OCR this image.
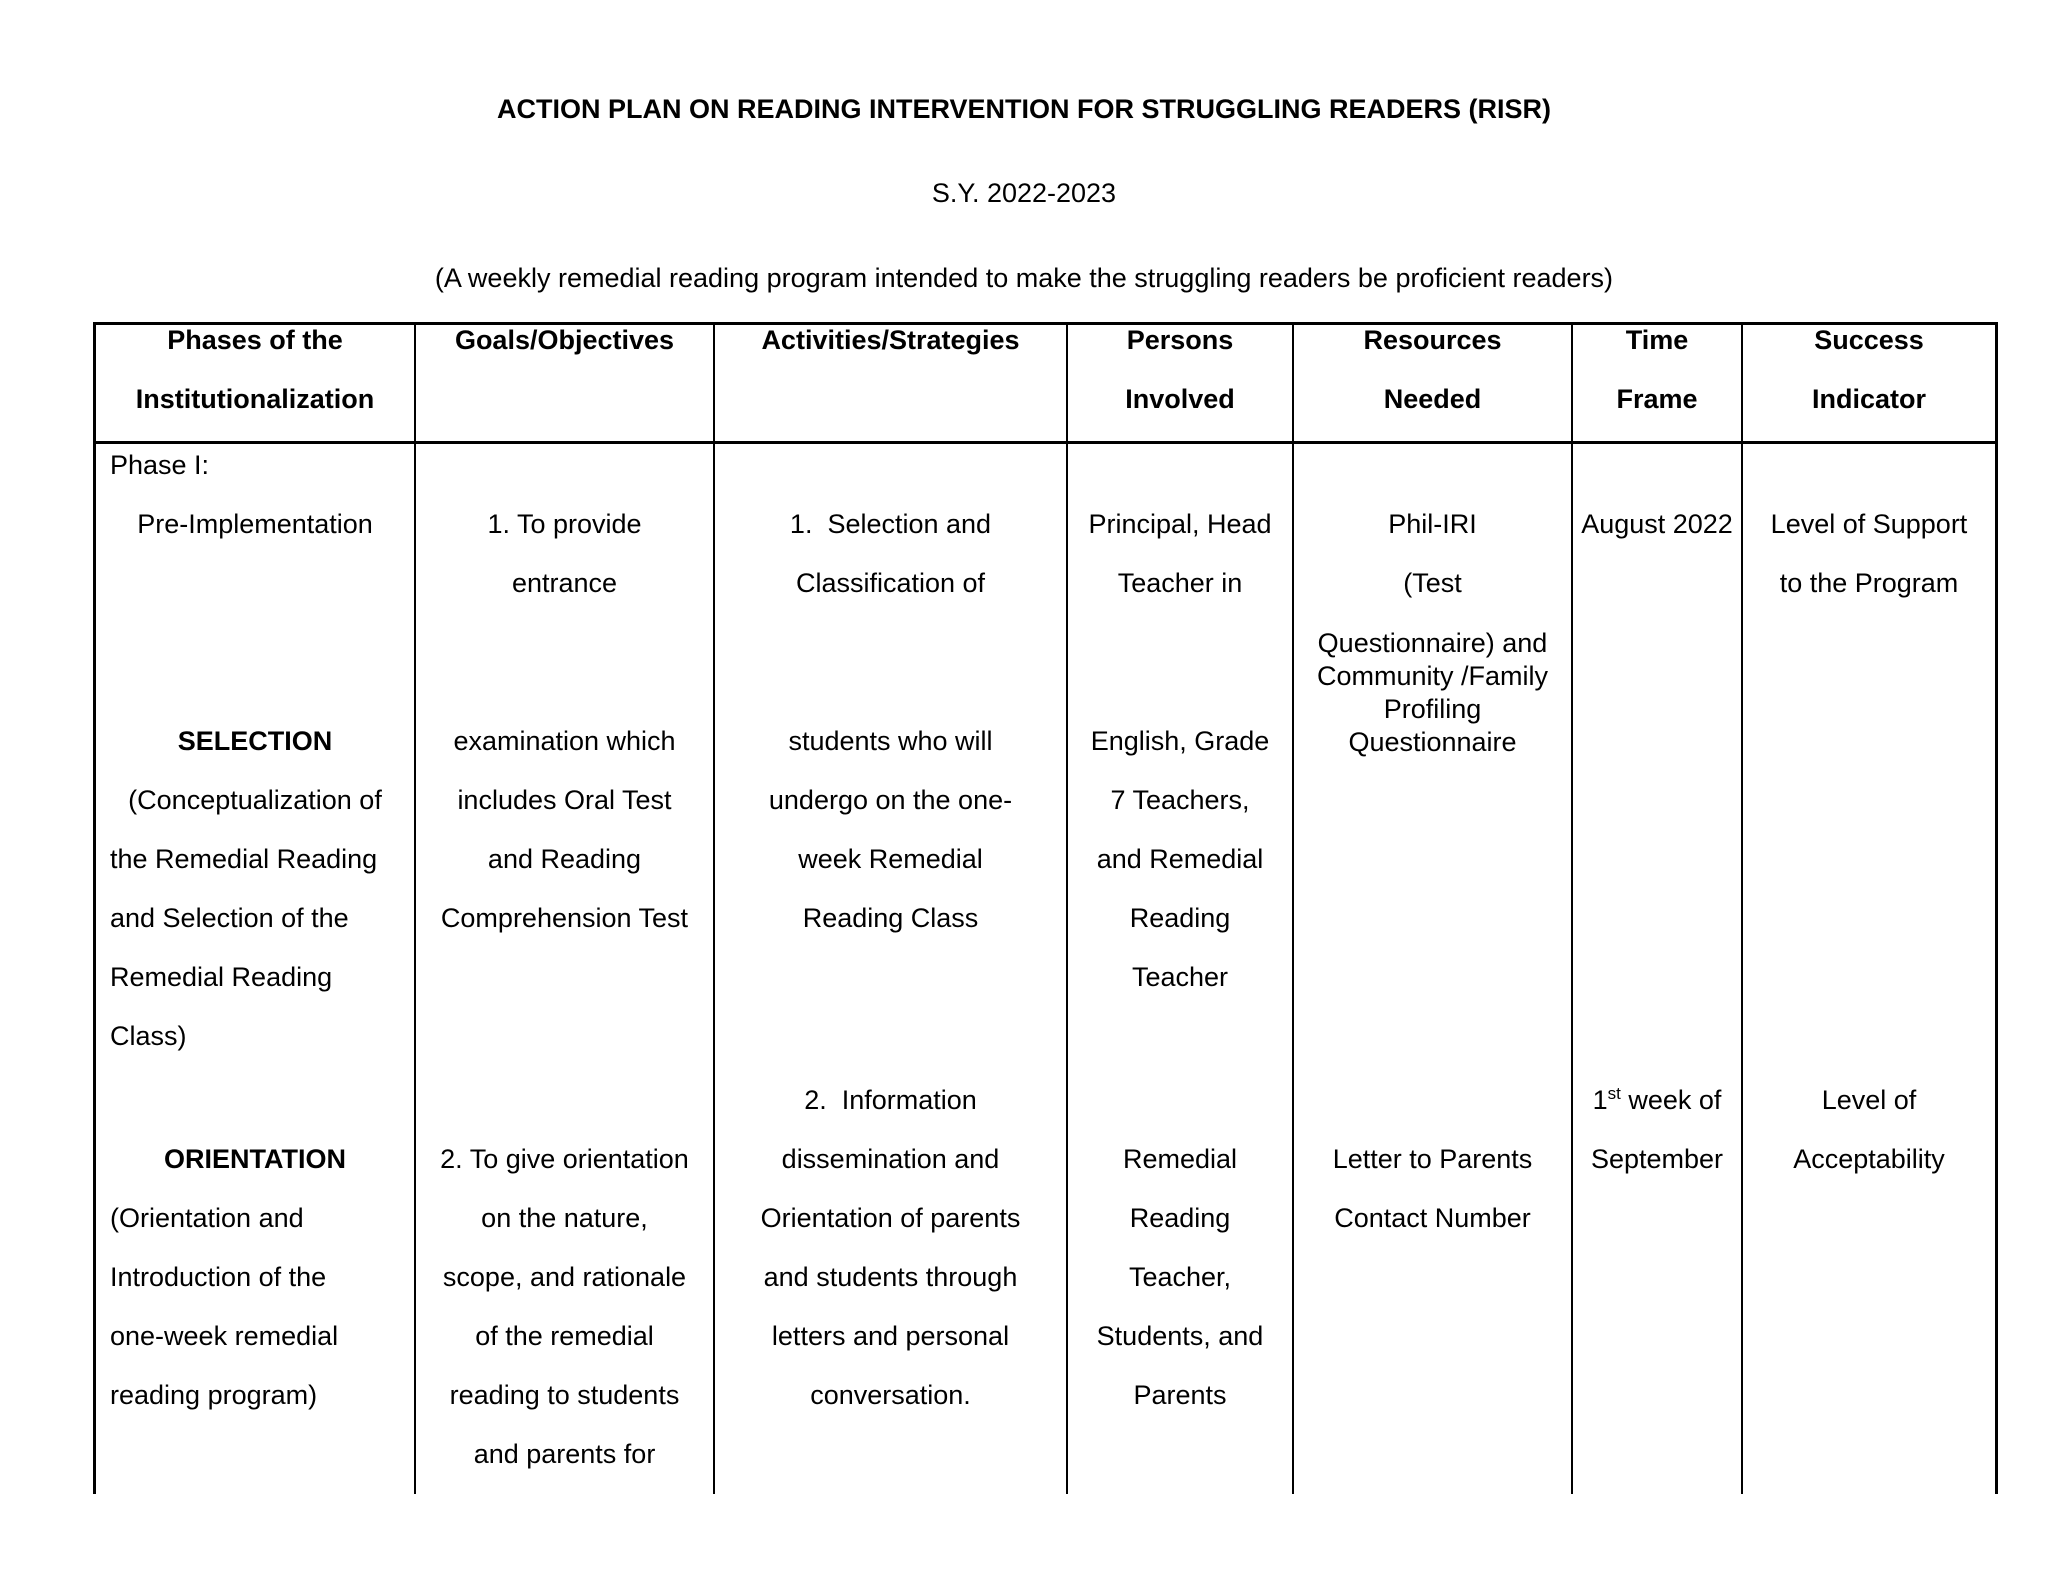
ACTION PLAN ON READING INTERVENTION FOR STRUGGLING READERS (RISR)
S.Y. 2022-2023
(A weekly remedial reading program intended to make the struggling readers be proficient readers)
Phases of the
Institutionalization
Goals/Objectives	Activities/Strategies	Persons
Involved
Resources
Needed
Time
Frame
Success
Indicator
Phase I:
Pre-Implementation
SELECTION
(Conceptualization of
the Remedial Reading
and Selection of the
Remedial Reading
Class)
ORIENTATION
(Orientation and
Introduction of the
one-week remedial
reading program)
1. To provide
entrance
examination which
includes Oral Test
and Reading
Comprehension Test
2. To give orientation
on the nature,
scope, and rationale
of the remedial
reading to students
and parents for
1.  Selection and
Classification of
students who will
undergo on the one-
week Remedial
Reading Class
2.  Information
dissemination and
Orientation of parents
and students through
letters and personal
conversation.
Principal, Head
Teacher in
English, Grade
7 Teachers,
and Remedial
Reading
Teacher
Remedial
Reading
Teacher,
Students, and
Parents
Phil-IRI
(Test
Questionnaire) and
Community /Family
Profiling
Questionnaire
Letter to Parents
Contact Number
August 2022
1st week of
September
Level of Support
to the Program
Level of
Acceptability
